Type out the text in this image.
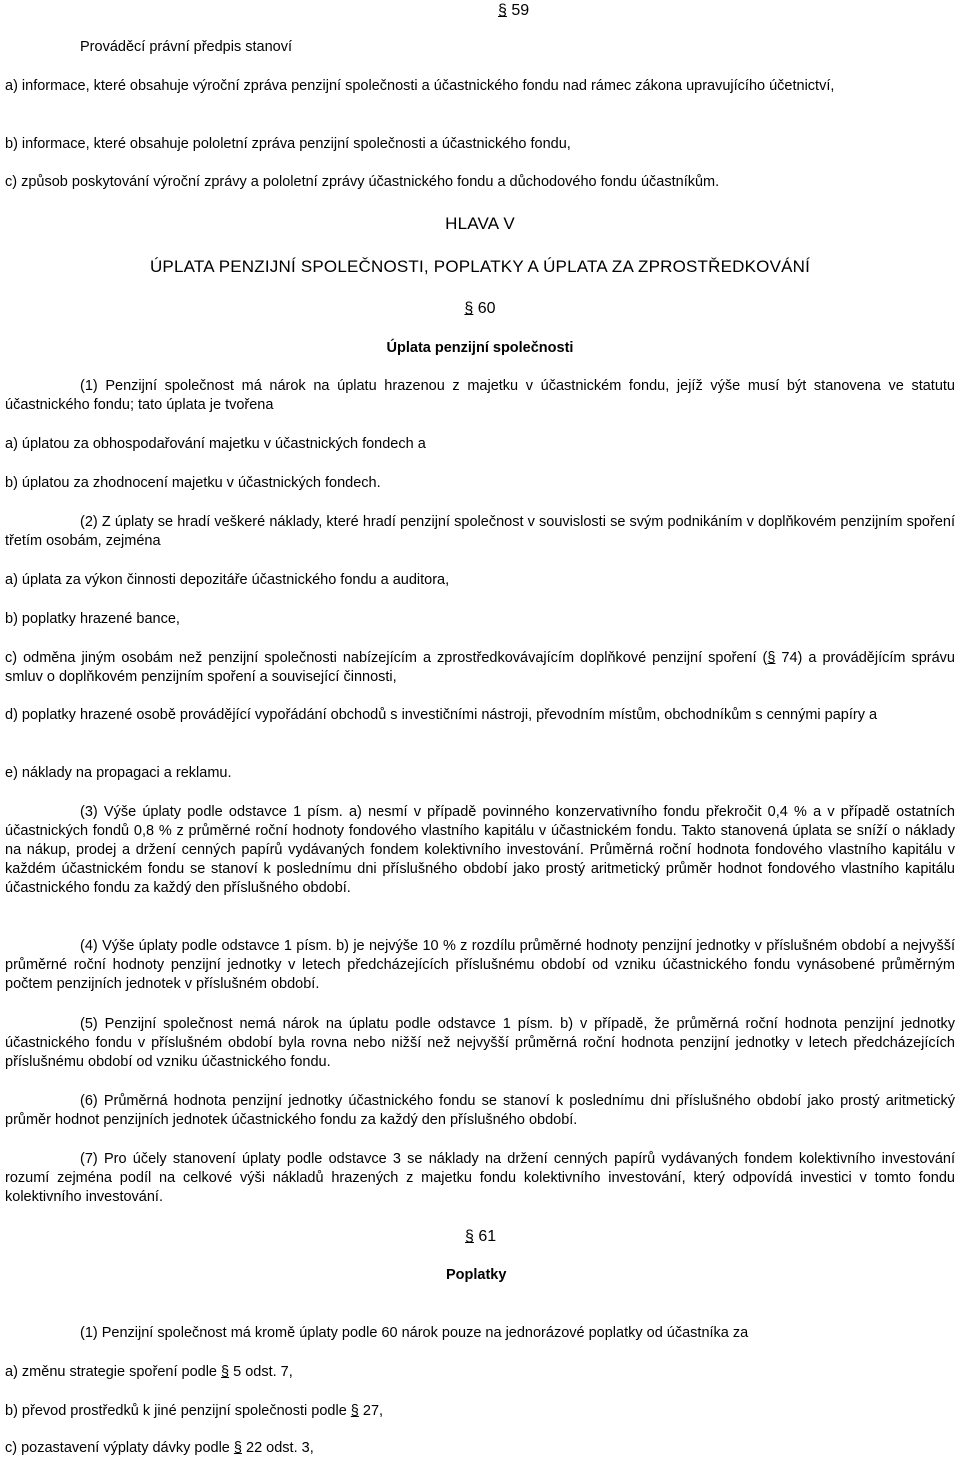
§ 59

Prováděcí právní předpis stanoví

a) informace, které obsahuje výroční zpráva penzijní společnosti a účastnického fondu nad rámec zákona upravujícího účetnictví,

b) informace, které obsahuje pololetní zpráva penzijní společnosti a účastnického fondu,

c) způsob poskytování výroční zprávy a pololetní zprávy účastnického fondu a důchodového fondu účastníkům.

HLAVA V

ÚPLATA PENZIJNÍ SPOLEČNOSTI, POPLATKY A ÚPLATA ZA ZPROSTŘEDKOVÁNÍ

§ 60

Úplata penzijní společnosti

(1) Penzijní společnost má nárok na úplatu hrazenou z majetku v účastnickém fondu, jejíž výše musí být stanovena ve statutu účastnického fondu; tato úplata je tvořena

a) úplatou za obhospodařování majetku v účastnických fondech a

b) úplatou za zhodnocení majetku v účastnických fondech.

(2) Z úplaty se hradí veškeré náklady, které hradí penzijní společnost v souvislosti se svým podnikáním v doplňkovém penzijním spoření třetím osobám, zejména

a) úplata za výkon činnosti depozitáře účastnického fondu a auditora,

b) poplatky hrazené bance,

c) odměna jiným osobám než penzijní společnosti nabízejícím a zprostředkovávajícím doplňkové penzijní spoření (§ 74) a provádějícím správu smluv o doplňkovém penzijním spoření a související činnosti,

d) poplatky hrazené osobě provádějící vypořádání obchodů s investičními nástroji, převodním místům, obchodníkům s cennými papíry a

e) náklady na propagaci a reklamu.

(3) Výše úplaty podle odstavce 1 písm. a) nesmí v případě povinného konzervativního fondu překročit 0,4 % a v případě ostatních účastnických fondů 0,8 % z průměrné roční hodnoty fondového vlastního kapitálu v účastnickém fondu. Takto stanovená úplata se sníží o náklady na nákup, prodej a držení cenných papírů vydávaných fondem kolektivního investování. Průměrná roční hodnota fondového vlastního kapitálu v každém účastnickém fondu se stanoví k poslednímu dni příslušného období jako prostý aritmetický průměr hodnot fondového vlastního kapitálu účastnického fondu za každý den příslušného období.

(4) Výše úplaty podle odstavce 1 písm. b) je nejvýše 10 % z rozdílu průměrné hodnoty penzijní jednotky v příslušném období a nejvyšší průměrné roční hodnoty penzijní jednotky v letech předcházejících příslušnému období od vzniku účastnického fondu vynásobené průměrným počtem penzijních jednotek v příslušném období.

(5) Penzijní společnost nemá nárok na úplatu podle odstavce 1 písm. b) v případě, že průměrná roční hodnota penzijní jednotky účastnického fondu v příslušném období byla rovna nebo nižší než nejvyšší průměrná roční hodnota penzijní jednotky v letech předcházejících příslušnému období od vzniku účastnického fondu.

(6) Průměrná hodnota penzijní jednotky účastnického fondu se stanoví k poslednímu dni příslušného období jako prostý aritmetický průměr hodnot penzijních jednotek účastnického fondu za každý den příslušného období.

(7) Pro účely stanovení úplaty podle odstavce 3 se náklady na držení cenných papírů vydávaných fondem kolektivního investování rozumí zejména podíl na celkové výši nákladů hrazených z majetku fondu kolektivního investování, který odpovídá investici v tomto fondu kolektivního investování.

§ 61

Poplatky

(1) Penzijní společnost má kromě úplaty podle 60 nárok pouze na jednorázové poplatky od účastníka za

a) změnu strategie spoření podle § 5 odst. 7,

b) převod prostředků k jiné penzijní společnosti podle § 27,

c) pozastavení výplaty dávky podle § 22 odst. 3,
